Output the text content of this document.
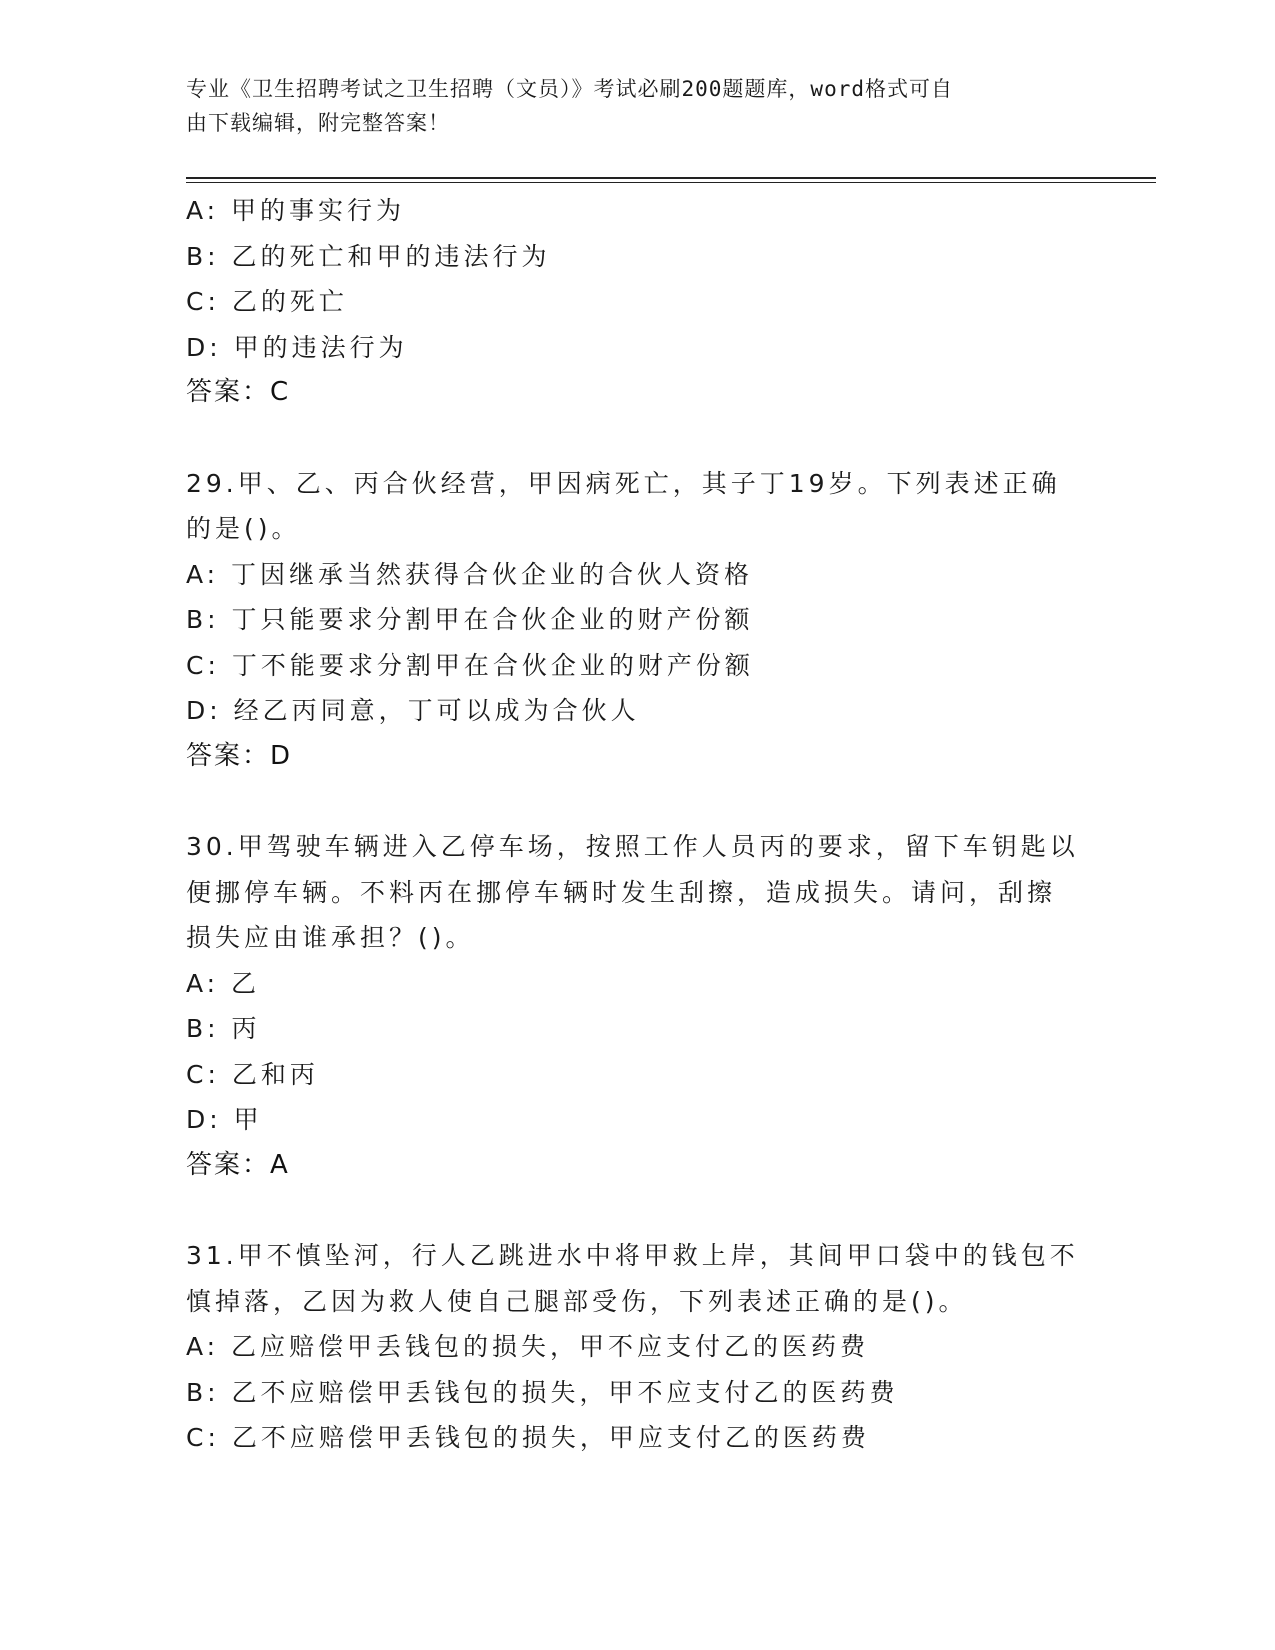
专业《卫生招聘考试之卫生招聘（文员）》考试必刷200题题库，word格式可自
由下载编辑，附完整答案！
A: 甲的事实行为
B: 乙的死亡和甲的违法行为
C: 乙的死亡
D: 甲的违法行为
答案：C
29.甲、乙、丙合伙经营，甲因病死亡，其子丁19岁。下列表述正确
的是()。
A: 丁因继承当然获得合伙企业的合伙人资格
B: 丁只能要求分割甲在合伙企业的财产份额
C: 丁不能要求分割甲在合伙企业的财产份额
D: 经乙丙同意，丁可以成为合伙人
答案：D
30.甲驾驶车辆进入乙停车场，按照工作人员丙的要求，留下车钥匙以
便挪停车辆。不料丙在挪停车辆时发生刮擦，造成损失。请问，刮擦
损失应由谁承担？()。
A: 乙
B: 丙
C: 乙和丙
D: 甲
答案：A
31.甲不慎坠河，行人乙跳进水中将甲救上岸，其间甲口袋中的钱包不
慎掉落，乙因为救人使自己腿部受伤，下列表述正确的是()。
A: 乙应赔偿甲丢钱包的损失，甲不应支付乙的医药费
B: 乙不应赔偿甲丢钱包的损失，甲不应支付乙的医药费
C: 乙不应赔偿甲丢钱包的损失，甲应支付乙的医药费
